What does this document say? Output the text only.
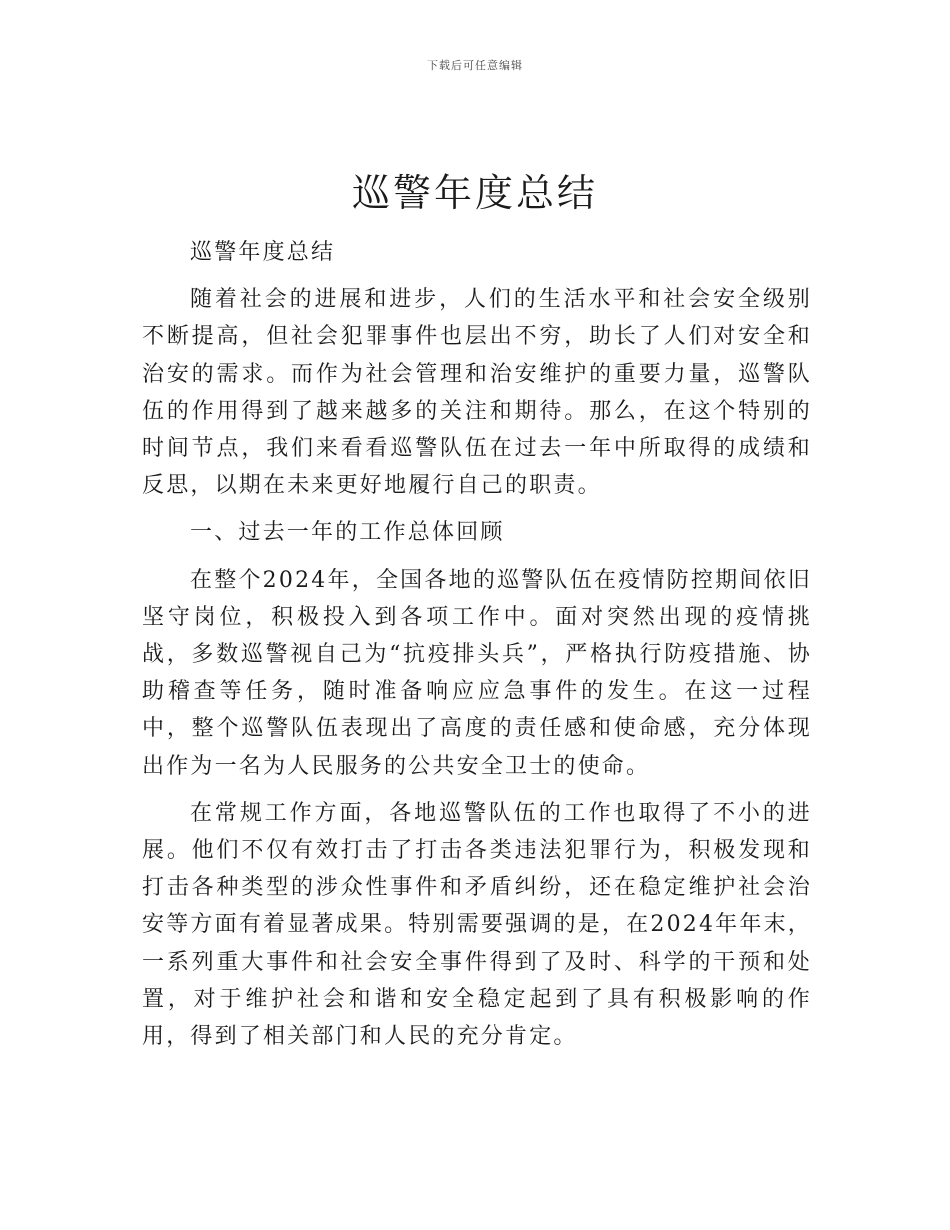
下载后可任意编辑
巡警年度总结

巡警年度总结

随着社会的进展和进步，人们的生活水平和社会安全级别不断提高，但社会犯罪事件也层出不穷，助长了人们对安全和治安的需求。而作为社会管理和治安维护的重要力量，巡警队伍的作用得到了越来越多的关注和期待。那么，在这个特别的时间节点，我们来看看巡警队伍在过去一年中所取得的成绩和反思，以期在未来更好地履行自己的职责。

一、过去一年的工作总体回顾

在整个2024年，全国各地的巡警队伍在疫情防控期间依旧坚守岗位，积极投入到各项工作中。面对突然出现的疫情挑战，多数巡警视自己为“抗疫排头兵”，严格执行防疫措施、协助稽查等任务，随时准备响应应急事件的发生。在这一过程中，整个巡警队伍表现出了高度的责任感和使命感，充分体现出作为一名为人民服务的公共安全卫士的使命。

在常规工作方面，各地巡警队伍的工作也取得了不小的进展。他们不仅有效打击了打击各类违法犯罪行为，积极发现和打击各种类型的涉众性事件和矛盾纠纷，还在稳定维护社会治安等方面有着显著成果。特别需要强调的是，在2024年年末，一系列重大事件和社会安全事件得到了及时、科学的干预和处置，对于维护社会和谐和安全稳定起到了具有积极影响的作用，得到了相关部门和人民的充分肯定。
